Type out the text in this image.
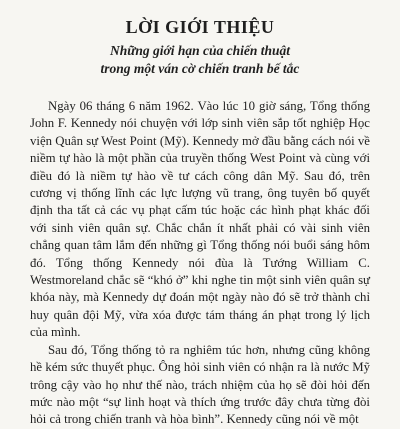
LỜI GIỚI THIỆU
Những giới hạn của chiến thuật
trong một ván cờ chiến tranh bế tắc

Ngày 06 tháng 6 năm 1962. Vào lúc 10 giờ sáng, Tổng thống John F. Kennedy nói chuyện với lớp sinh viên sắp tốt nghiệp Học viện Quân sự West Point (Mỹ). Kennedy mở đầu bằng cách nói về niềm tự hào là một phần của truyền thống West Point và cùng với điều đó là niềm tự hào về tư cách công dân Mỹ. Sau đó, trên cương vị thống lĩnh các lực lượng vũ trang, ông tuyên bố quyết định tha tất cả các vụ phạt cấm túc hoặc các hình phạt khác đối với sinh viên quân sự. Chắc chắn ít nhất phải có vài sinh viên chẳng quan tâm lắm đến những gì Tổng thống nói buổi sáng hôm đó. Tổng thống Kennedy nói đùa là Tướng William C. Westmoreland chắc sẽ “khó ở” khi nghe tin một sinh viên quân sự khóa này, mà Kennedy dự đoán một ngày nào đó sẽ trở thành chỉ huy quân đội Mỹ, vừa xóa được tám tháng án phạt trong lý lịch của mình.

Sau đó, Tổng thống tỏ ra nghiêm túc hơn, nhưng cũng không hề kém sức thuyết phục. Ông hỏi sinh viên có nhận ra là nước Mỹ trông cậy vào họ như thế nào, trách nhiệm của họ sẽ đòi hỏi đến mức nào một “sự linh hoạt và thích ứng trước đây chưa từng đòi hỏi cả trong chiến tranh và hòa bình”. Kennedy cũng nói về một
